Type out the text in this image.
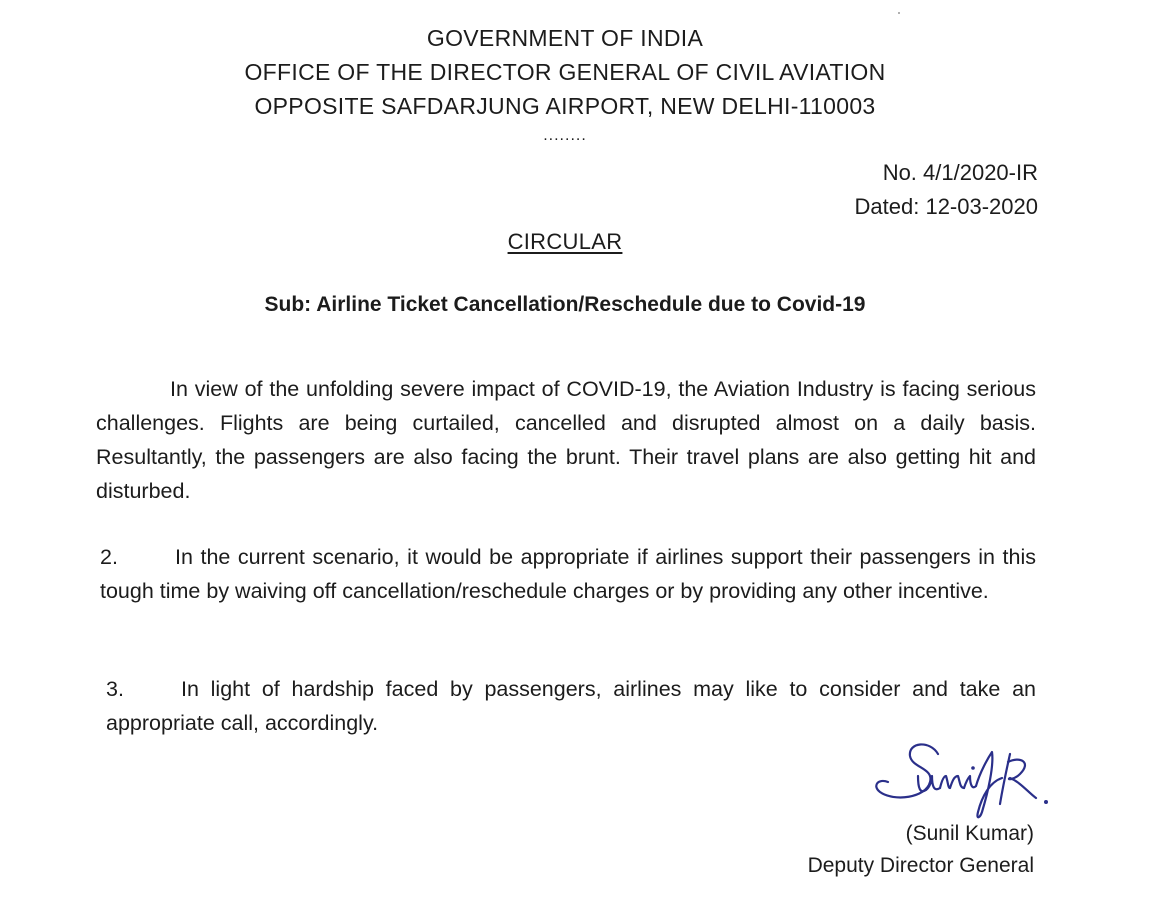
GOVERNMENT OF INDIA
OFFICE OF THE DIRECTOR GENERAL OF CIVIL AVIATION
OPPOSITE SAFDARJUNG AIRPORT, NEW DELHI-110003
........
No. 4/1/2020-IR
Dated: 12-03-2020
CIRCULAR
Sub: Airline Ticket Cancellation/Reschedule due to Covid-19

In view of the unfolding severe impact of COVID-19, the Aviation Industry is facing serious challenges. Flights are being curtailed, cancelled and disrupted almost on a daily basis. Resultantly, the passengers are also facing the brunt. Their travel plans are also getting hit and disturbed.

2.	In the current scenario, it would be appropriate if airlines support their passengers in this tough time by waiving off cancellation/reschedule charges or by providing any other incentive.

3.	In light of hardship faced by passengers, airlines may like to consider and take an appropriate call, accordingly.

(Sunil Kumar)
Deputy Director General
